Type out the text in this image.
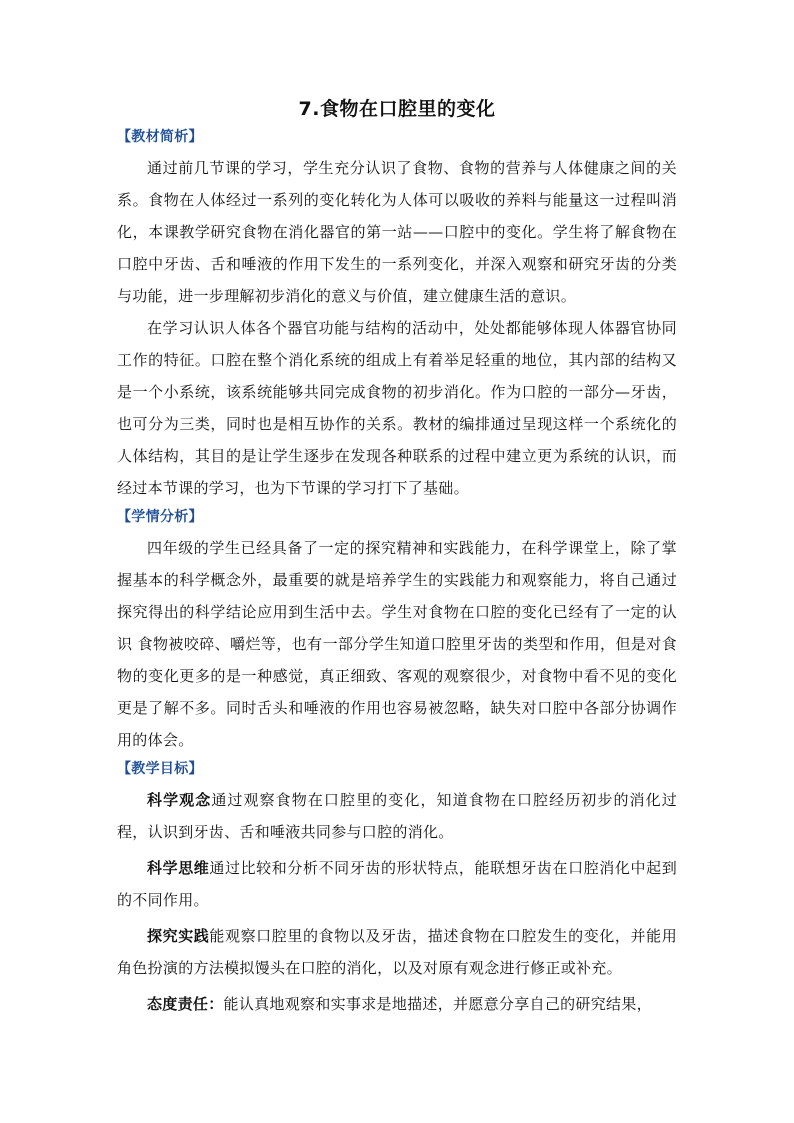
7.食物在口腔里的变化
【教材简析】

通过前几节课的学习，学生充分认识了食物、食物的营养与人体健康之间的关系。食物在人体经过一系列的变化转化为人体可以吸收的养料与能量这一过程叫消化，本课教学研究食物在消化器官的第一站——口腔中的变化。学生将了解食物在口腔中牙齿、舌和唾液的作用下发生的一系列变化，并深入观察和研究牙齿的分类与功能，进一步理解初步消化的意义与价值，建立健康生活的意识。

在学习认识人体各个器官功能与结构的活动中，处处都能够体现人体器官协同工作的特征。口腔在整个消化系统的组成上有着举足轻重的地位，其内部的结构又是一个小系统，该系统能够共同完成食物的初步消化。作为口腔的一部分—牙齿，也可分为三类，同时也是相互协作的关系。教材的编排通过呈现这样一个系统化的人体结构，其目的是让学生逐步在发现各种联系的过程中建立更为系统的认识，而经过本节课的学习，也为下节课的学习打下了基础。

【学情分析】

四年级的学生已经具备了一定的探究精神和实践能力，在科学课堂上，除了掌握基本的科学概念外，最重要的就是培养学生的实践能力和观察能力，将自己通过探究得出的科学结论应用到生活中去。学生对食物在口腔的变化已经有了一定的认识 食物被咬碎、嚼烂等，也有一部分学生知道口腔里牙齿的类型和作用，但是对食物的变化更多的是一种感觉，真正细致、客观的观察很少，对食物中看不见的变化更是了解不多。同时舌头和唾液的作用也容易被忽略，缺失对口腔中各部分协调作用的体会。

【教学目标】

科学观念通过观察食物在口腔里的变化，知道食物在口腔经历初步的消化过程，认识到牙齿、舌和唾液共同参与口腔的消化。

科学思维通过比较和分析不同牙齿的形状特点，能联想牙齿在口腔消化中起到的不同作用。

探究实践能观察口腔里的食物以及牙齿，描述食物在口腔发生的变化，并能用角色扮演的方法模拟馒头在口腔的消化，以及对原有观念进行修正或补充。

态度责任：能认真地观察和实事求是地描述，并愿意分享自己的研究结果，
